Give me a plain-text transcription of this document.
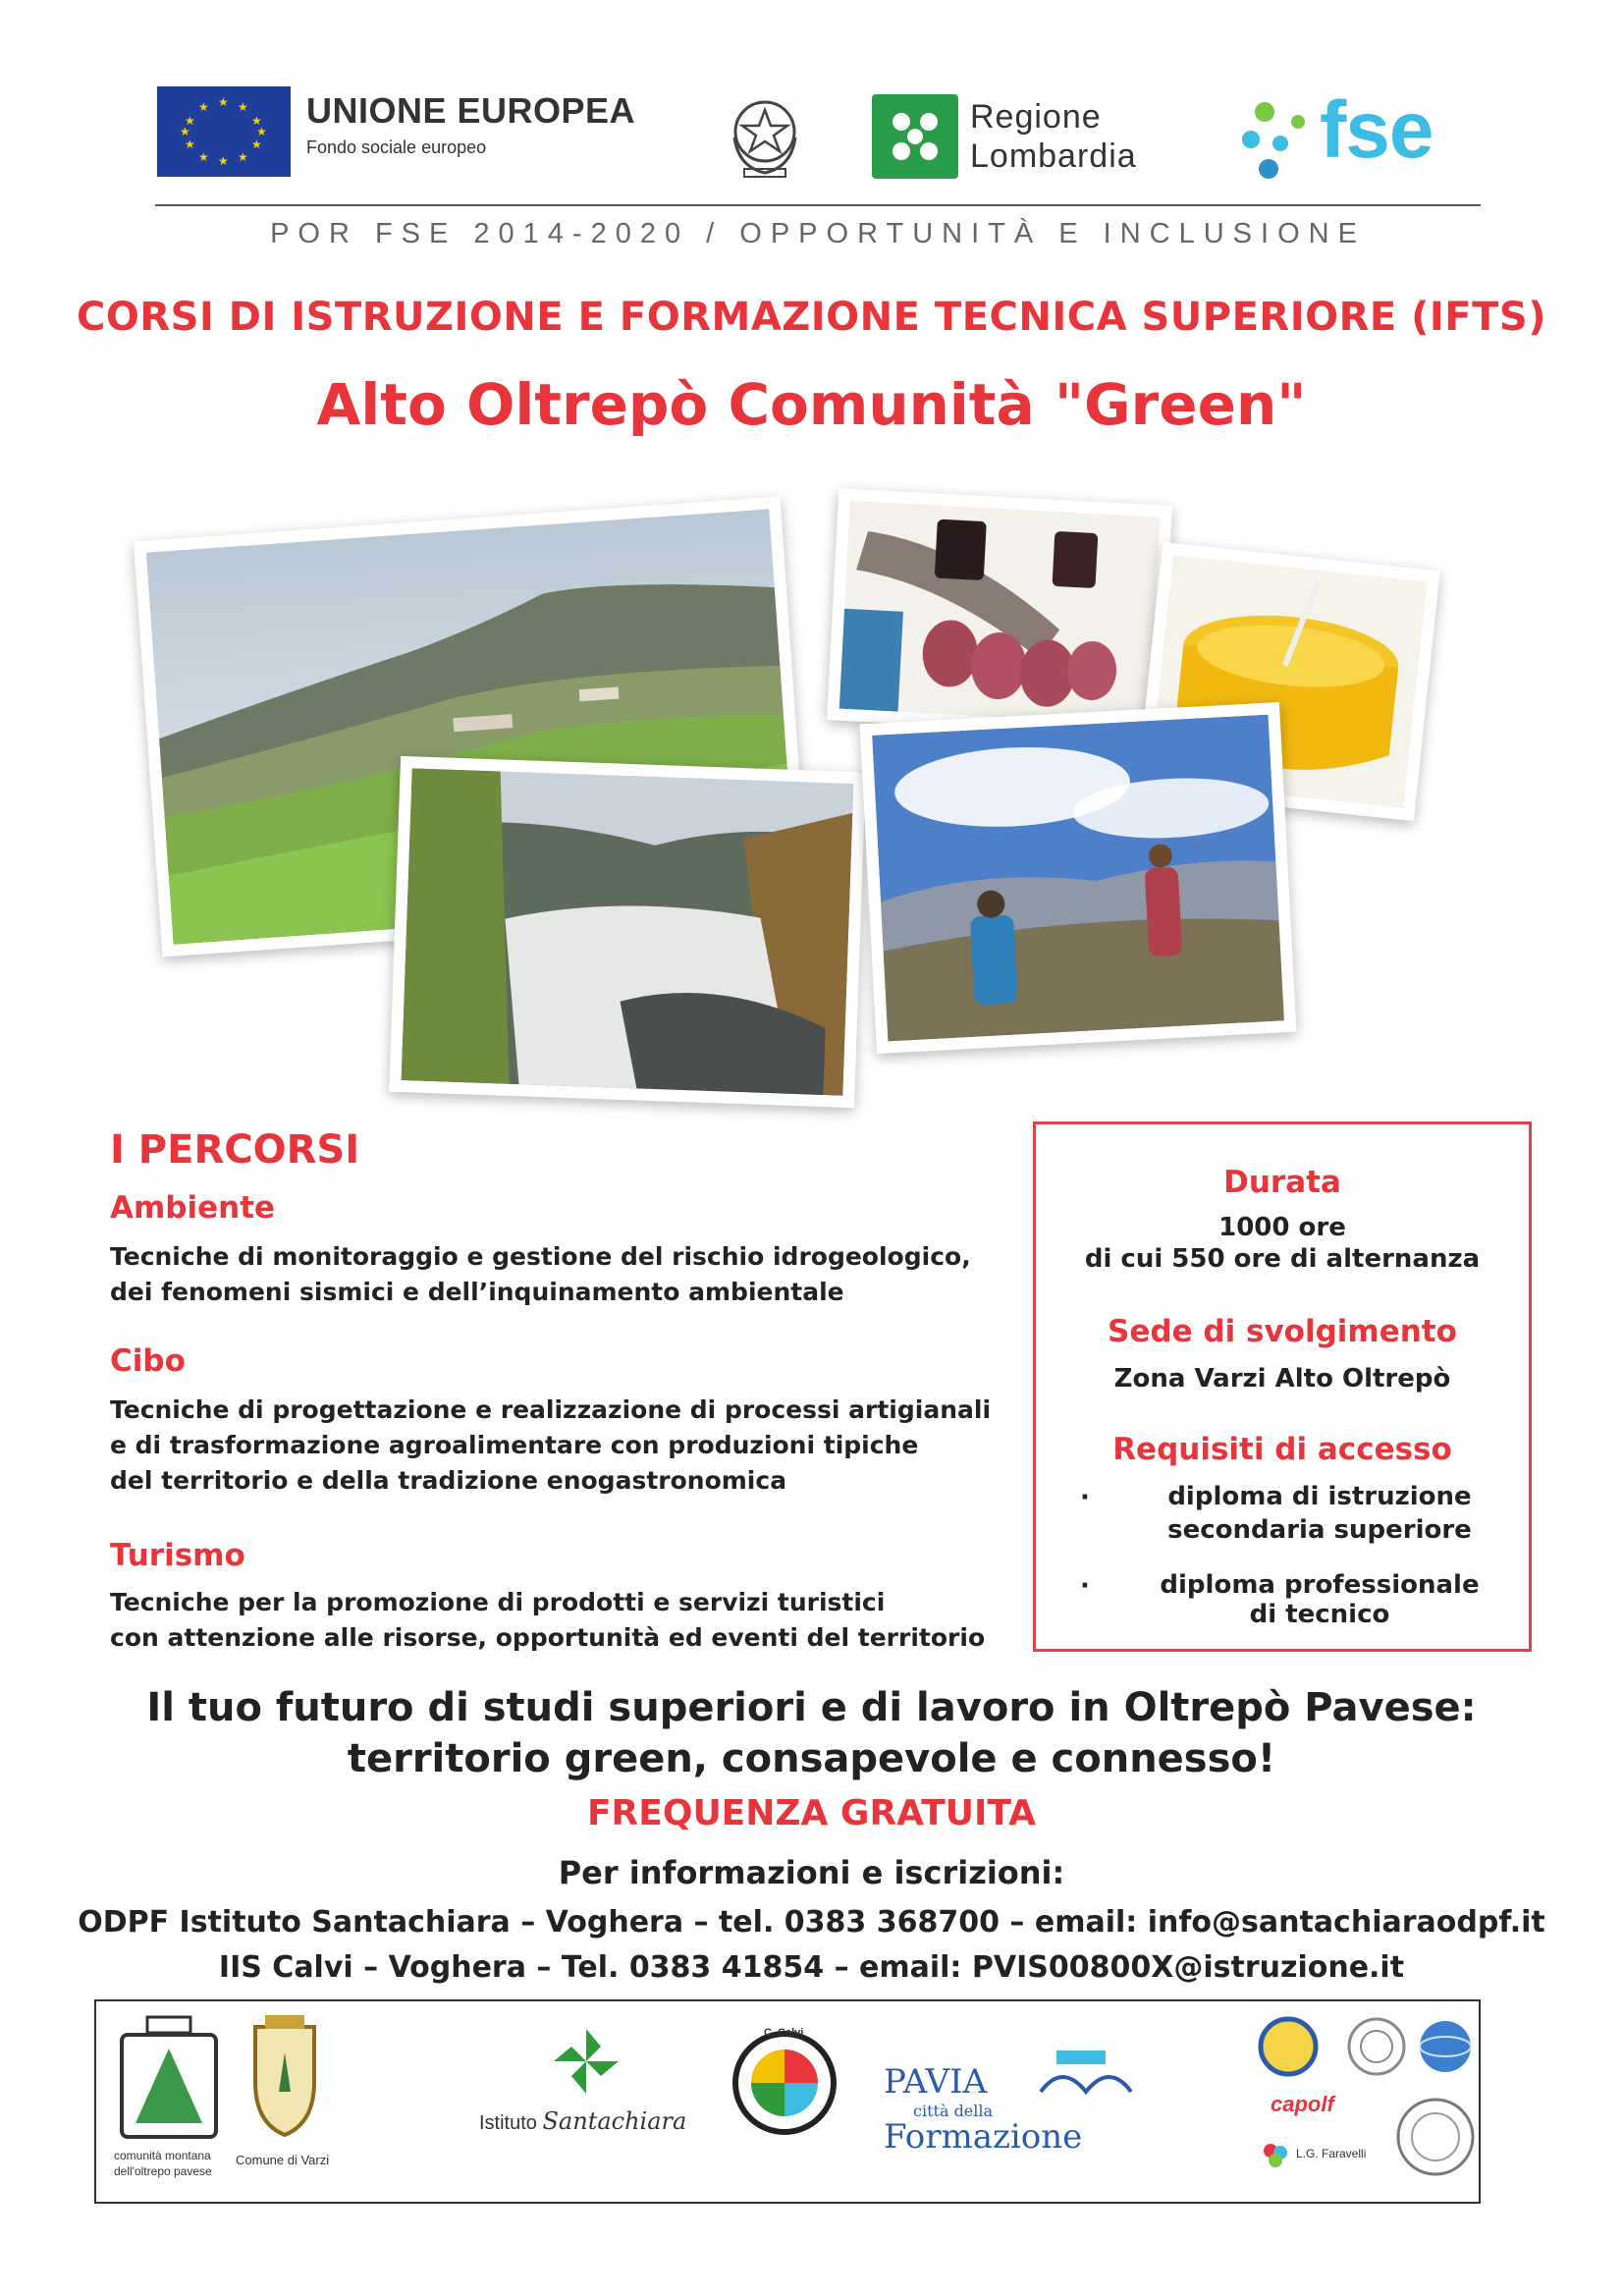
★ ★
★
★
★
★
★
★
★
★
★
★	UNIONE EUROPEA
Fondo sociale europeo
Regione
Lombardia fse
POR FSE 2014-2020 / OPPORTUNITÀ E INCLUSIONE
CORSI DI ISTRUZIONE E FORMAZIONE TECNICA SUPERIORE (IFTS)
Alto Oltrepò Comunità "Green"
I PERCORSI
Ambiente
Tecniche di monitoraggio e gestione del rischio idrogeologico,
dei fenomeni sismici e dell’inquinamento ambientale
Cibo
Tecniche di progettazione e realizzazione di processi artigianali
e di trasformazione agroalimentare con produzioni tipiche
del territorio e della tradizione enogastronomica
Turismo
Tecniche per la promozione di prodotti e servizi turistici
con attenzione alle risorse, opportunità ed eventi del territorio
Durata
1000 ore
di cui 550 ore di alternanza
Sede di svolgimento
Zona Varzi Alto Oltrepò
Requisiti di accesso
·	diploma di istruzione
secondaria superiore
·	diploma professionale
di tecnico
Il tuo futuro di studi superiori e di lavoro in Oltrepò Pavese:
territorio green, consapevole e connesso!
FREQUENZA GRATUITA
Per informazioni e iscrizioni:
ODPF Istituto Santachiara – Voghera – tel. 0383 368700 – email: info@santachiaraodpf.it
IIS Calvi – Voghera – Tel. 0383 41854 – email: PVIS00800X@istruzione.it
comunità montana
dell'oltrepo pavese
Comune di Varzi
Istituto Santachiara
C. Calvi
PAVIA
città della
Formazione
capolf
L.G. Faravelli
